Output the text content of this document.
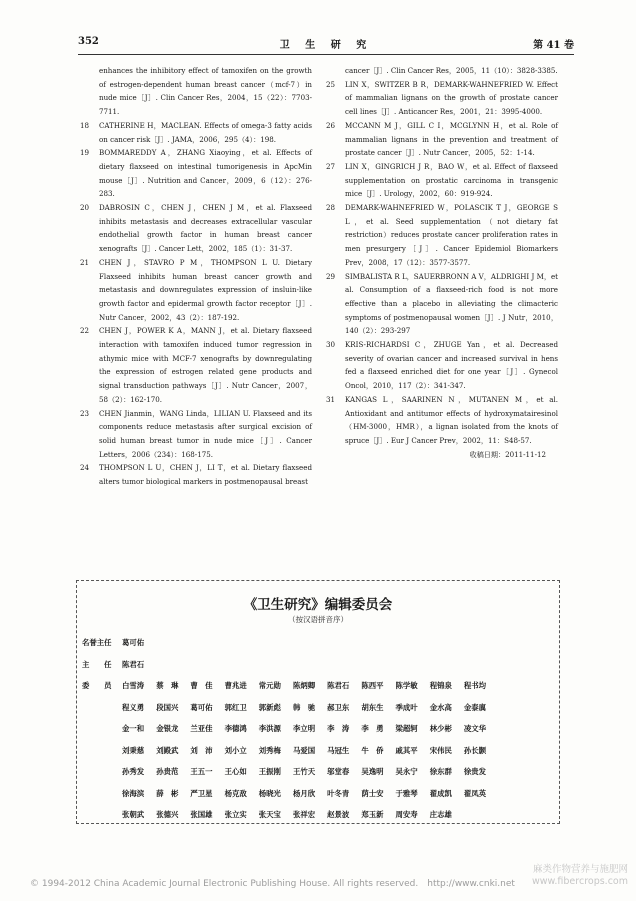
352	卫 生 研 究	第 41 卷
enhances the inhibitory effect of tamoxifen on the growth of estrogen-dependent human breast cancer（mcf-7）in nude mice［J］. Clin Cancer Res，2004，15（22）：7703-7711.
18	CATHERINE H，MACLEAN. Effects of omega-3 fatty acids on cancer risk［J］. JAMA，2006，295（4）：198.
19	BOMMAREDDY A，ZHANG Xiaoying，et al. Effects of dietary flaxseed on intestinal tumorigenesis in ApcMin mouse［J］. Nutrition and Cancer，2009，6（12）：276-283.
20	DABROSIN C，CHEN J，CHEN J M，et al. Flaxseed inhibits metastasis and decreases extracellular vascular endothelial growth factor in human breast cancer xenografts［J］. Cancer Lett，2002，185（1）：31-37.
21	CHEN J，STAVRO P M，THOMPSON L U. Dietary Flaxseed inhibits human breast cancer growth and metastasis and downregulates expression of insluin-like growth factor and epidermal growth factor receptor［J］. Nutr Cancer，2002，43（2）：187-192.
22	CHEN J，POWER K A，MANN J，et al. Dietary flaxseed interaction with tamoxifen induced tumor regression in athymic mice with MCF-7 xenografts by downregulating the expression of estrogen related gene products and signal transduction pathways［J］. Nutr Cancer，2007，58（2）：162-170.
23	CHEN Jianmin，WANG Linda，LILIAN U. Flaxseed and its components reduce metastasis after surgical excision of solid human breast tumor in nude mice［J］. Cancer Letters，2006（234）：168-175.
24	THOMPSON L U，CHEN J，LI T，et al. Dietary flaxseed alters tumor biological markers in postmenopausal breast
cancer［J］. Clin Cancer Res，2005，11（10）：3828-3385.
25	LIN X，SWITZER B R，DEMARK-WAHNEFRIED W. Effect of mammalian lignans on the growth of prostate cancer cell lines［J］. Anticancer Res，2001，21：3995-4000.
26	MCCANN M J，GILL C I，MCGLYNN H，et al. Role of mammalian lignans in the prevention and treatment of prostate cancer［J］. Nutr Cancer，2005，52：1-14.
27	LIN X，GINGRICH J R，BAO W，et al. Effect of flaxseed supplementation on prostatic carcinoma in transgenic mice［J］. Urology，2002，60：919-924.
28	DEMARK-WAHNEFRIED W，POLASCIK T J，GEORGE S L，et al. Seed supplementation（not dietary fat restriction）reduces prostate cancer proliferation rates in men presurgery［J］. Cancer Epidemiol Biomarkers Prev，2008，17（12）：3577-3577.
29	SIMBALISTA R L，SAUERBRONN A V，ALDRIGHI J M，et al. Consumption of a flaxseed-rich food is not more effective than a placebo in alleviating the climacteric symptoms of postmenopausal women［J］. J Nutr，2010，140（2）：293-297
30	KRIS-RICHARDSI C，ZHUGE Yan，et al. Decreased severity of ovarian cancer and increased survival in hens fed a flaxseed enriched diet for one year［J］. Gynecol Oncol，2010，117（2）：341-347.
31	KANGAS L，SAARINEN N，MUTANEN M，et al. Antioxidant and antitumor effects of hydroxymatairesinol（HM-3000，HMR），a lignan isolated from the knots of spruce［J］. Eur J Cancer Prev，2002，11：S48-57.
收稿日期：2011-11-12
《卫生研究》编辑委员会
（按汉语拼音序）
名誉主任	葛可佑
主　　任	陈君石
委　　员	白雪涛 蔡　琳 曹　佳 曹兆进 常元勋 陈炳卿 陈君石 陈西平 陈学敏 程锦泉 程书均
程义勇 段国兴 葛可佑 郭红卫 郭新彪 韩　驰 郝卫东 胡东生 季成叶 金水高 金泰廙
金一和 金银龙 兰亚佳 李德鸿 李洪源 李立明 李　涛 李　勇 梁超轲 林少彬 凌文华
刘秉慈 刘殿武 刘　沛 刘小立 刘秀梅 马爱国 马冠生 牛　侨 戚其平 宋伟民 孙长颢
孙秀发 孙贵范 王五一 王心如 王振刚 王竹天 邬堂春 吴逸明 吴永宁 徐东群 徐贵发
徐海滨 薛　彬 严卫星 杨克敌 杨晓光 杨月欣 叶冬青 荫士安 于雅琴 翟成凯 翟凤英
张朝武 张德兴 张国雄 张立实 张天宝 张祥宏 赵景波 郑玉新 周安寿 庄志雄
© 1994-2012 China Academic Journal Electronic Publishing House. All rights reserved.　http://www.cnki.net
麻类作物营养与施肥网
www.fibercrops.com
